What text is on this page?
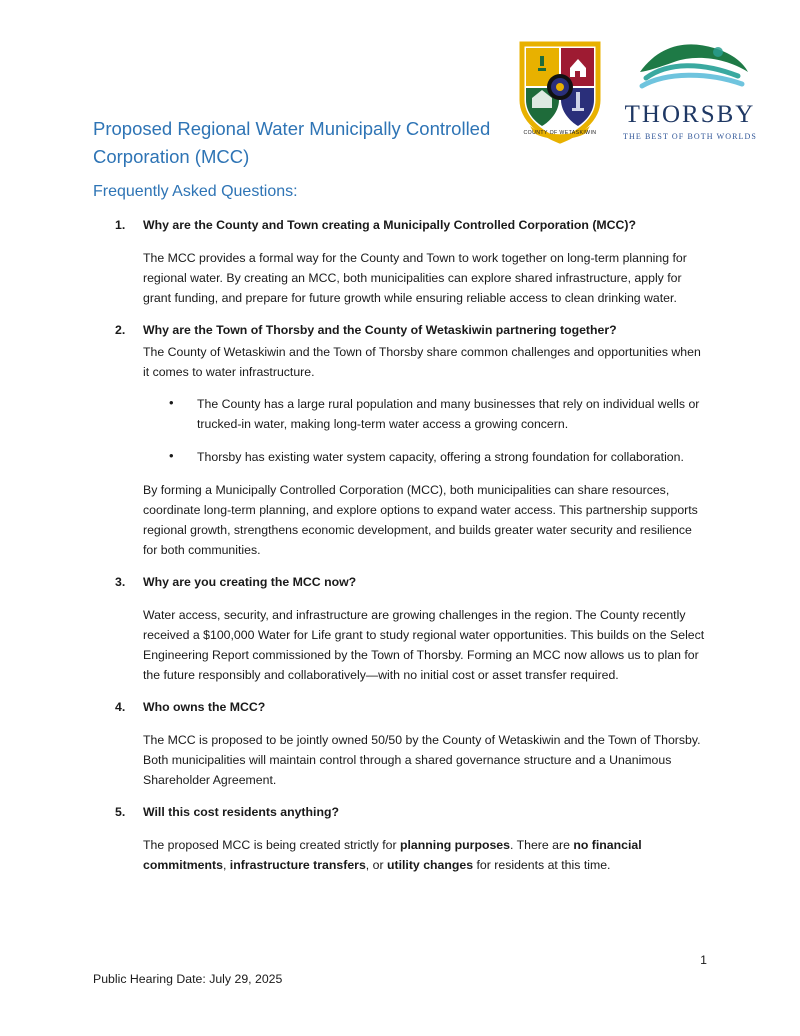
COUNTY OF WETASKIWIN
THORSBY
THE BEST OF BOTH WORLDS
Proposed Regional Water Municipally Controlled Corporation (MCC)
Frequently Asked Questions:
1. Why are the County and Town creating a Municipally Controlled Corporation (MCC)?
The MCC provides a formal way for the County and Town to work together on long-term planning for regional water. By creating an MCC, both municipalities can explore shared infrastructure, apply for grant funding, and prepare for future growth while ensuring reliable access to clean drinking water.
2. Why are the Town of Thorsby and the County of Wetaskiwin partnering together?
The County of Wetaskiwin and the Town of Thorsby share common challenges and opportunities when it comes to water infrastructure.
• The County has a large rural population and many businesses that rely on individual wells or trucked-in water, making long-term water access a growing concern.
• Thorsby has existing water system capacity, offering a strong foundation for collaboration.
By forming a Municipally Controlled Corporation (MCC), both municipalities can share resources, coordinate long-term planning, and explore options to expand water access. This partnership supports regional growth, strengthens economic development, and builds greater water security and resilience for both communities.
3. Why are you creating the MCC now?
Water access, security, and infrastructure are growing challenges in the region. The County recently received a $100,000 Water for Life grant to study regional water opportunities. This builds on the Select Engineering Report commissioned by the Town of Thorsby. Forming an MCC now allows us to plan for the future responsibly and collaboratively—with no initial cost or asset transfer required.
4. Who owns the MCC?
The MCC is proposed to be jointly owned 50/50 by the County of Wetaskiwin and the Town of Thorsby. Both municipalities will maintain control through a shared governance structure and a Unanimous Shareholder Agreement.
5. Will this cost residents anything?
The proposed MCC is being created strictly for planning purposes. There are no financial commitments, infrastructure transfers, or utility changes for residents at this time.
Public Hearing Date: July 29, 2025
1
